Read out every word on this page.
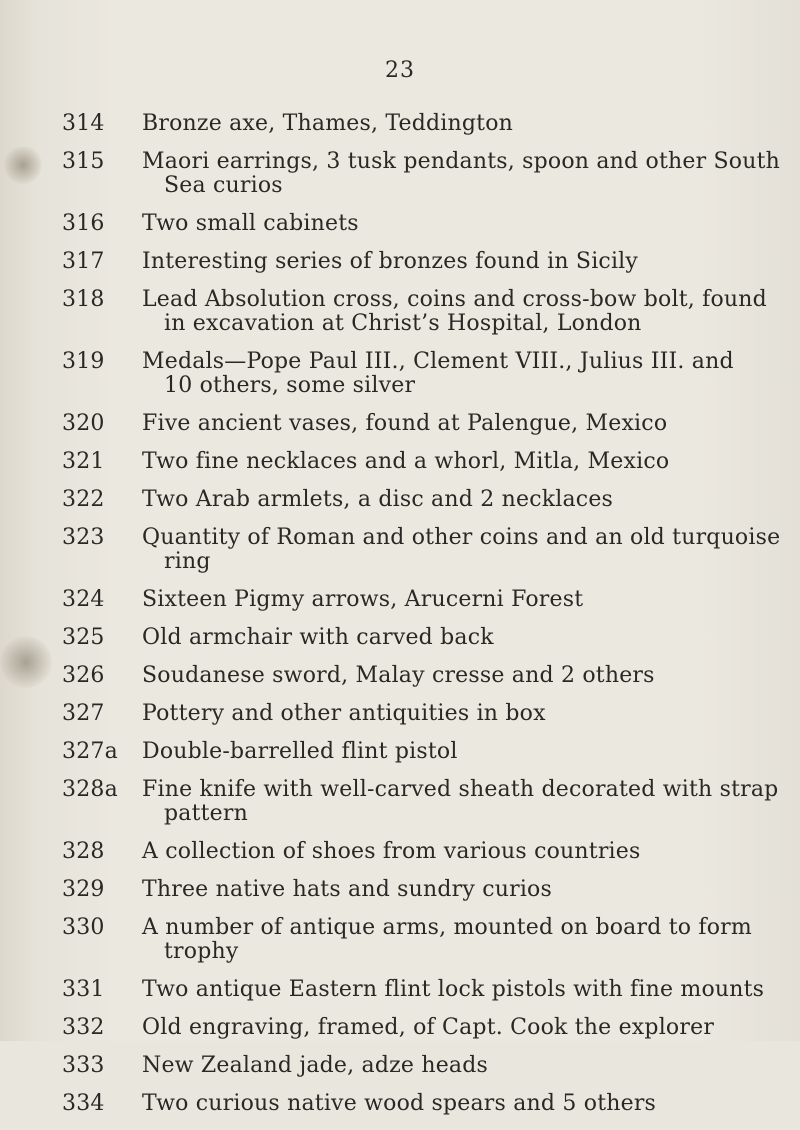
23
314	Bronze axe, Thames, Teddington
315	Maori earrings, 3 tusk pendants, spoon and other South
Sea curios
316	Two small cabinets
317	Interesting series of bronzes found in Sicily
318	Lead Absolution cross, coins and cross-bow bolt, found
in excavation at Christ’s Hospital, London
319	Medals—Pope Paul III., Clement VIII., Julius III. and
10 others, some silver
320	Five ancient vases, found at Palengue, Mexico
321	Two fine necklaces and a whorl, Mitla, Mexico
322	Two Arab armlets, a disc and 2 necklaces
323	Quantity of Roman and other coins and an old turquoise
ring
324	Sixteen Pigmy arrows, Arucerni Forest
325	Old armchair with carved back
326	Soudanese sword, Malay cresse and 2 others
327	Pottery and other antiquities in box
327a	Double-barrelled flint pistol
328a	Fine knife with well-carved sheath decorated with strap
pattern
328	A collection of shoes from various countries
329	Three native hats and sundry curios
330	A number of antique arms, mounted on board to form
trophy
331	Two antique Eastern flint lock pistols with fine mounts
332	Old engraving, framed, of Capt. Cook the explorer
333	New Zealand jade, adze heads
334	Two curious native wood spears and 5 others
